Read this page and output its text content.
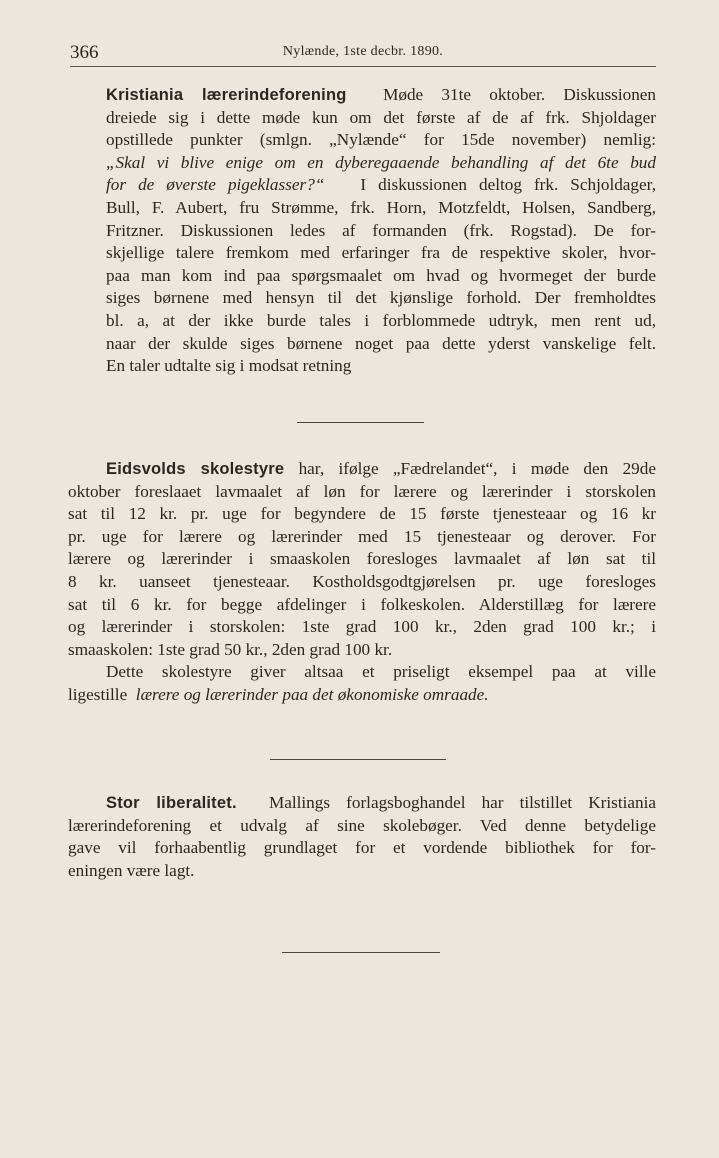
366	Nylænde, 1ste decbr. 1890.

Kristiania lærerindeforening Møde 31te oktober. Diskussionen
dreiede sig i dette møde kun om det første af de af frk. Shjoldager
opstillede punkter (smlgn. „Nylænde“ for 15de november) nemlig:
„Skal vi blive enige om en dyberegaaende behandling af det 6te bud
for de øverste pigeklasser?“ I diskussionen deltog frk. Schjoldager,
Bull, F. Aubert, fru Strømme, frk. Horn, Motzfeldt, Holsen, Sandberg,
Fritzner. Diskussionen ledes af formanden (frk. Rogstad). De for-
skjellige talere fremkom med erfaringer fra de respektive skoler, hvor-
paa man kom ind paa spørgsmaalet om hvad og hvormeget der burde
siges børnene med hensyn til det kjønslige forhold. Der fremholdtes
bl. a, at der ikke burde tales i forblommede udtryk, men rent ud,
naar der skulde siges børnene noget paa dette yderst vanskelige felt.
En taler udtalte sig i modsat retning

Eidsvolds skolestyre har, ifølge „Fædrelandet“, i møde den 29de
oktober foreslaaet lavmaalet af løn for lærere og lærerinder i storskolen
sat til 12 kr. pr. uge for begyndere de 15 første tjenesteaar og 16 kr
pr. uge for lærere og lærerinder med 15 tjenesteaar og derover. For
lærere og lærerinder i smaaskolen foresloges lavmaalet af løn sat til
8 kr. uanseet tjenesteaar. Kostholdsgodtgjørelsen pr. uge foresloges
sat til 6 kr. for begge afdelinger i folkeskolen. Alderstillæg for lærere
og lærerinder i storskolen: 1ste grad 100 kr., 2den grad 100 kr.; i
smaaskolen: 1ste grad 50 kr., 2den grad 100 kr.

Dette skolestyre giver altsaa et priseligt eksempel paa at ville
ligestille lærere og lærerinder paa det økonomiske omraade.

Stor liberalitet. Mallings forlagsboghandel har tilstillet Kristiania
lærerindeforening et udvalg af sine skolebøger. Ved denne betydelige
gave vil forhaabentlig grundlaget for et vordende bibliothek for for-
eningen være lagt.
